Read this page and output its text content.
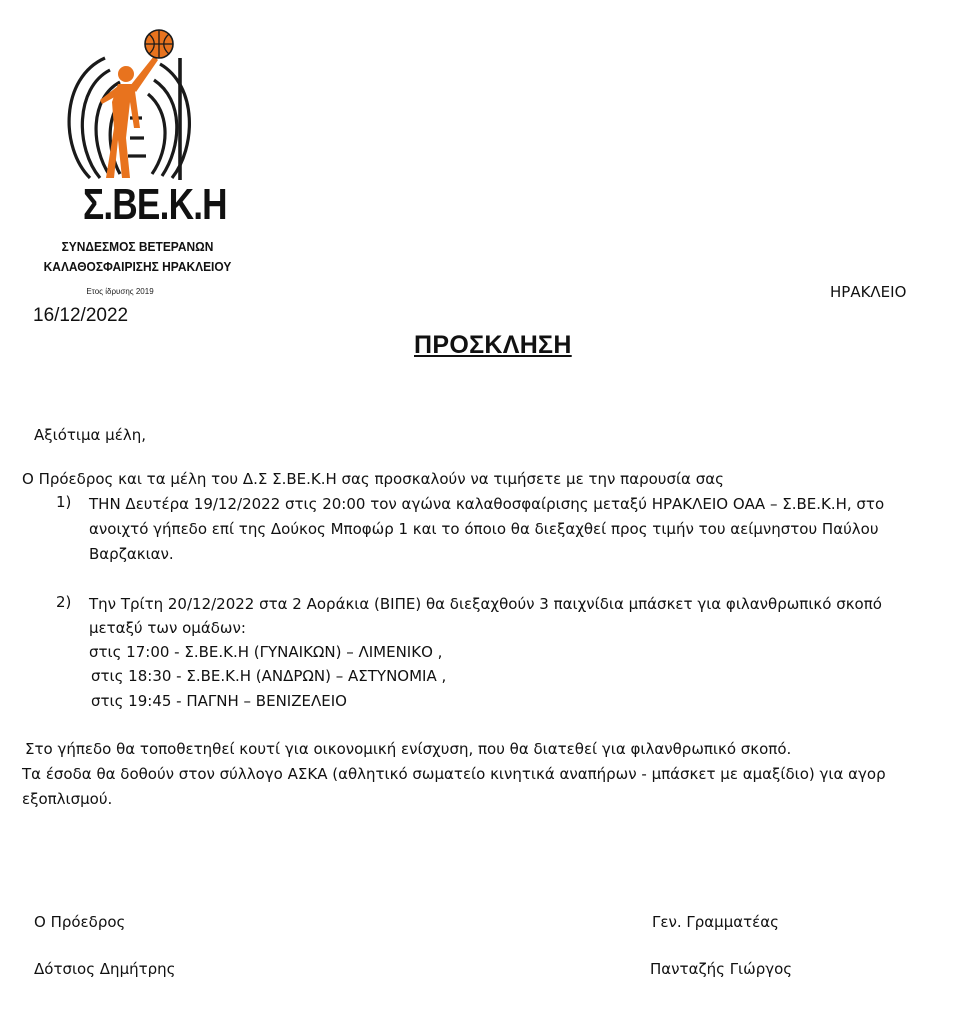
Σ.ΒΕ.Κ.Η
ΣΥΝΔΕΣΜΟΣ ΒΕΤΕΡΑΝΩΝ
ΚΑΛΑΘΟΣΦΑΙΡΙΣΗΣ ΗΡΑΚΛΕΙΟΥ
Ετος ίδρυσης 2019	ΗΡΑΚΛΕΙΟ
16/12/2022
ΠΡΟΣΚΛΗΣΗ
Αξιότιμα μέλη,
Ο Πρόεδρος και τα μέλη του Δ.Σ Σ.ΒΕ.Κ.Η σας προσκαλούν να τιμήσετε με την παρουσία σας
1) ΤΗΝ Δευτέρα 19/12/2022 στις 20:00 τον αγώνα καλαθοσφαίρισης μεταξύ ΗΡΑΚΛΕΙΟ ΟΑΑ – Σ.ΒΕ.Κ.Η, στο
ανοιχτό γήπεδο επί της Δούκος Μποφώρ 1 και το όποιο θα διεξαχθεί προς τιμήν του αείμνηστου Παύλου
Βαρζακιαν.
2) Την Τρίτη 20/12/2022 στα 2 Αοράκια (ΒΙΠΕ) θα διεξαχθούν 3 παιχνίδια μπάσκετ για φιλανθρωπικό σκοπό
μεταξύ των ομάδων:
στις 17:00 - Σ.ΒΕ.Κ.Η (ΓΥΝΑΙΚΩΝ) – ΛΙΜΕΝΙΚΟ ,
στις 18:30 - Σ.ΒΕ.Κ.Η (ΑΝΔΡΩΝ) – ΑΣΤΥΝΟΜΙΑ ,
στις 19:45 - ΠΑΓΝΗ – ΒΕΝΙΖΕΛΕΙΟ
Στο γήπεδο θα τοποθετηθεί κουτί για οικονομική ενίσχυση, που θα διατεθεί για φιλανθρωπικό σκοπό.
Τα έσοδα θα δοθούν στον σύλλογο ΑΣΚΑ (αθλητικό σωματείο κινητικά αναπήρων - μπάσκετ με αμαξίδιο) για αγορ
εξοπλισμού.
Ο Πρόεδρος
Δότσιος Δημήτρης
Γεν. Γραμματέας
Πανταζής Γιώργος
